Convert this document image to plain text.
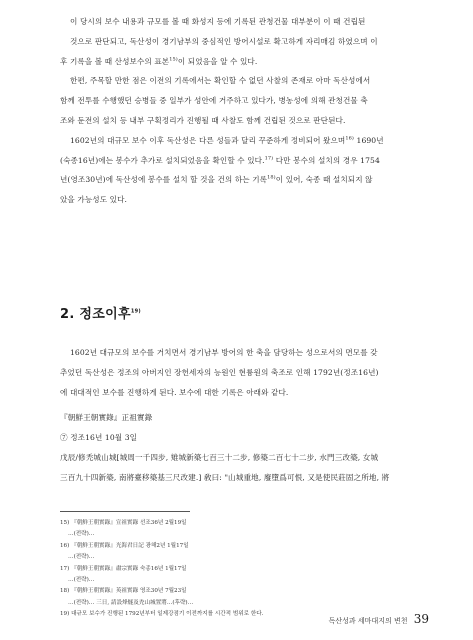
이 당시의 보수 내용과 규모를 볼 때 화성지 등에 기록된 관청건물 대부분이 이 때 건립된
것으로 판단되고, 독산성이 경기남부의 중심적인 방어시설로 확고하게 자리매김 하였으며 이
후 기록을 볼 때 산성보수의 표본$^{15)}$이 되었음을 알 수 있다.

한편, 주목할 만한 점은 이전의 기록에서는 확인할 수 없던 사찰의 존재로 아마 독산성에서
함께 전투를 수행했던 승병들 중 일부가 성안에 거주하고 있다가, 병농성에 의해 관청건물 축
조와 둔전의 설치 등 내부 구획정리가 진행될 때 사찰도 함께 건립된 것으로 판단된다.

1602년의 대규모 보수 이후 독산성은 다른 성들과 달리 꾸준하게 정비되어 왔으며$^{16)}$ 1690년
(숙종16년)에는 봉수가 추가로 설치되었음을 확인할 수 있다.$^{17)}$ 다만 봉수의 설치의 경우 1754
년(영조30년)에 독산성에 봉수를 설치 할 것을 건의 하는 기록$^{18)}$이 있어, 숙종 때 설치되지 않
았을 가능성도 있다.

2. 정조이후$^{19)}$

1602년 대규모의 보수를 거치면서 경기남부 방어의 한 축을 담당하는 성으로서의 면모를 갖
추었던 독산성은 정조의 아버지인 장헌세자의 능원인 현륭원의 축조로 인해 1792년(정조16년)
에 대대적인 보수를 진행하게 된다. 보수에 대한 기록은 아래와 같다.

『朝鮮王朝實錄』正祖實錄
⑦ 정조16년 10월 3일
戊辰/修禿城山城[城周一千四步, 雉城新築七百三十二步, 修築二百七十二步, 水門三改築, 女城
三百九十四新築, 南將臺移築基三尺改建.] 敎曰: "山城重地, 廢墮爲可恨, 又是使民莊固之所地, 將

15) 『朝鮮王朝實錄』宣祖實錄 선조36년 2월19일
…(전략)…
16) 『朝鮮王朝實錄』光海君日記 광해2년 1월17일
…(전략)…
17) 『朝鮮王朝實錄』肅宗實錄 숙종16년 1월17일
…(전략)…
18) 『朝鮮王朝實錄』英祖實錄 영조30년 7월23일
…(전략)… 三日, 請設烽燧及禿山城置將…(후략)…
19) 대규모 보수가 진행된 1792년부터 일제강점기 이전까지를 시간적 범위로 한다.
독산성과 세마대지의 변천 39
